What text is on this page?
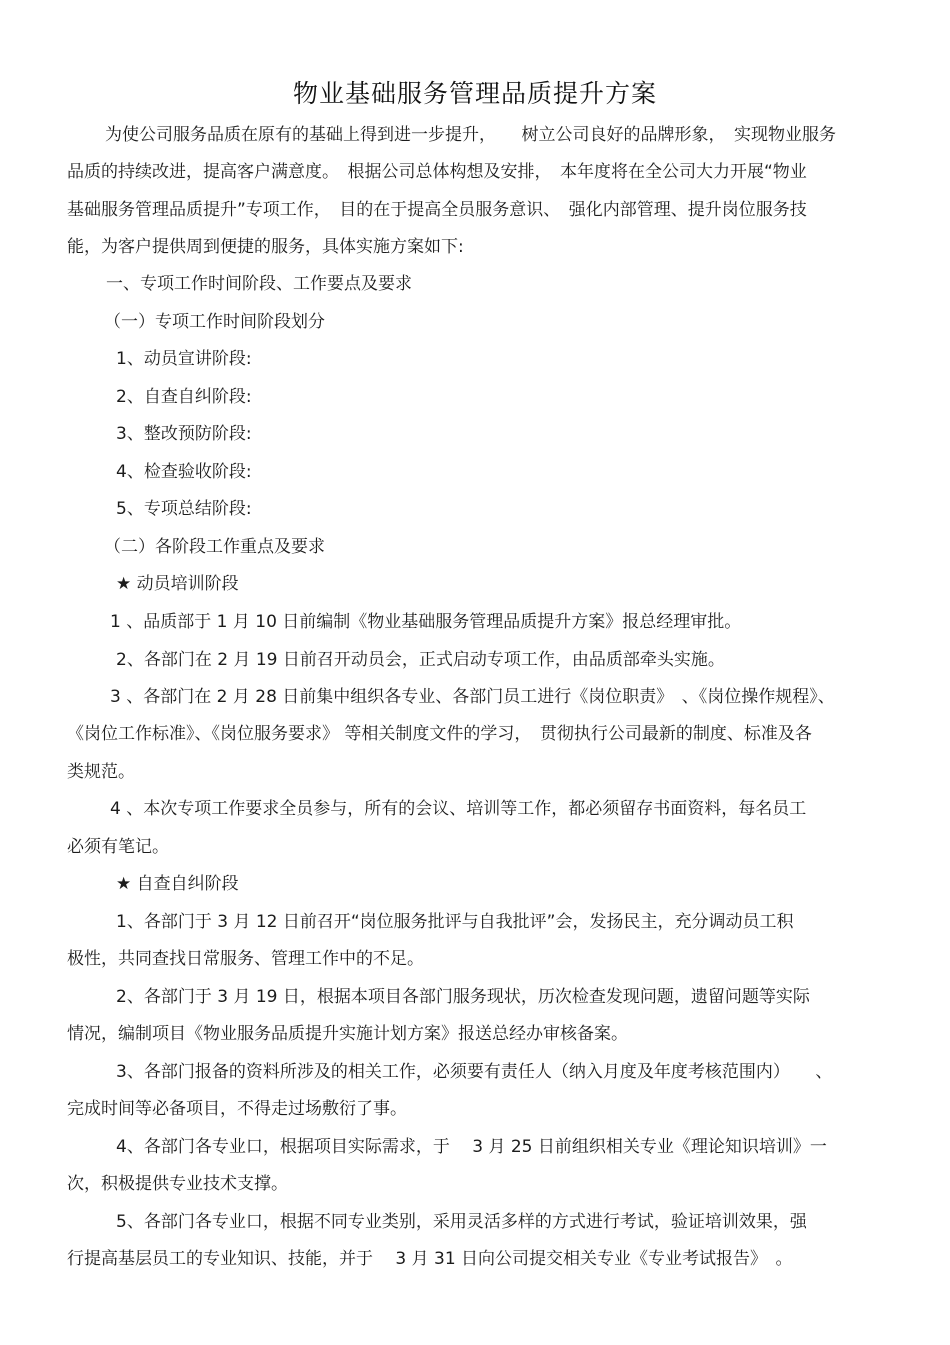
物业基础服务管理品质提升方案
为使公司服务品质在原有的基础上得到进一步提升，　　树立公司良好的品牌形象，　实现物业服务
品质的持续改进，提高客户满意度。　根据公司总体构想及安排，　本年度将在全公司大力开展“物业
基础服务管理品质提升”专项工作，　目的在于提高全员服务意识、　强化内部管理、提升岗位服务技
能，为客户提供周到便捷的服务，具体实施方案如下:
一、专项工作时间阶段、工作要点及要求
（一）专项工作时间阶段划分
1、动员宣讲阶段:
2、自查自纠阶段:
3、整改预防阶段:
4、检查验收阶段:
5、专项总结阶段:
（二）各阶段工作重点及要求
★ 动员培训阶段
1 、品质部于 1 月 10 日前编制《物业基础服务管理品质提升方案》报总经理审批。
2、各部门在 2 月 19 日前召开动员会，正式启动专项工作，由品质部牵头实施。
3 、各部门在 2 月 28 日前集中组织各专业、各部门员工进行《岗位职责》　、《岗位操作规程》、
《岗位工作标准》、《岗位服务要求》 等相关制度文件的学习，　贯彻执行公司最新的制度、标准及各
类规范。
4 、本次专项工作要求全员参与，所有的会议、培训等工作，都必须留存书面资料，每名员工
必须有笔记。
★ 自查自纠阶段
1、各部门于 3 月 12 日前召开“岗位服务批评与自我批评”会，发扬民主，充分调动员工积
极性，共同查找日常服务、管理工作中的不足。
2、各部门于 3 月 19 日，根据本项目各部门服务现状，历次检查发现问题，遗留问题等实际
情况，编制项目《物业服务品质提升实施计划方案》报送总经办审核备案。
3、各部门报备的资料所涉及的相关工作，必须要有责任人（纳入月度及年度考核范围内）　　、
完成时间等必备项目，不得走过场敷衍了事。
4、各部门各专业口，根据项目实际需求，于　 3 月 25 日前组织相关专业《理论知识培训》一
次，积极提供专业技术支撑。
5、各部门各专业口，根据不同专业类别，采用灵活多样的方式进行考试，验证培训效果，强
行提高基层员工的专业知识、技能，并于　 3 月 31 日向公司提交相关专业《专业考试报告》　。
